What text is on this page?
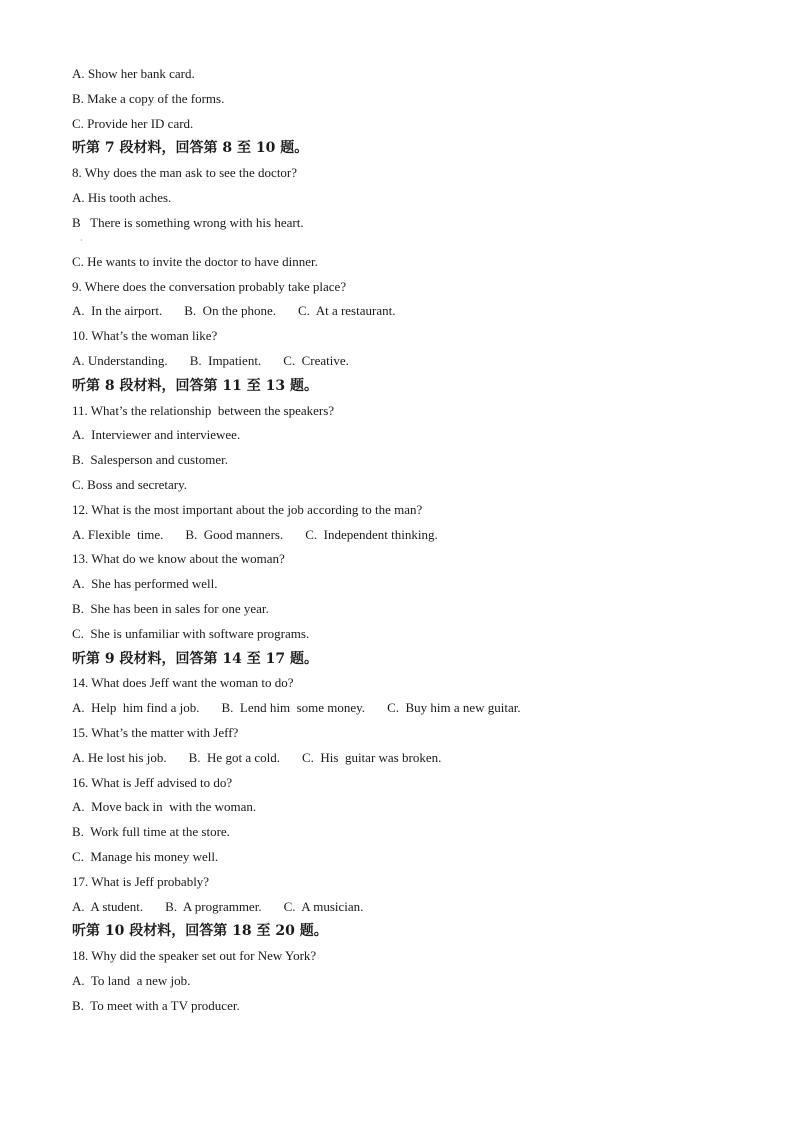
A. Show her bank card.
B. Make a copy of the forms.
C. Provide her ID card.
听第 7 段材料，回答第 8 至 10 题。
8. Why does the man ask to see the doctor?
A. His tooth aches.
B   There is something wrong with his heart.
C. He wants to invite the doctor to have dinner.
9. Where does the conversation probably take place?
A.  In the airport. B.  On the phone. C.  At a restaurant.
10. What’s the woman like?
A. Understanding. B.  Impatient. C.  Creative.
听第 8 段材料，回答第 11 至 13 题。
11. What’s the relationship  between the speakers?
A.  Interviewer and interviewee.
B.  Salesperson and customer.
C. Boss and secretary.
12. What is the most important about the job according to the man?
A. Flexible  time. B.  Good manners. C.  Independent thinking.
13. What do we know about the woman?
A.  She has performed well.
B.  She has been in sales for one year.
C.  She is unfamiliar with software programs.
听第 9 段材料，回答第 14 至 17 题。
14. What does Jeff want the woman to do?
A.  Help  him find a job. B.  Lend him  some money. C.  Buy him a new guitar.
15. What’s the matter with Jeff?
A. He lost his job. B.  He got a cold. C.  His  guitar was broken.
16. What is Jeff advised to do?
A.  Move back in  with the woman.
B.  Work full time at the store.
C.  Manage his money well.
17. What is Jeff probably?
A.  A student. B.  A programmer. C.  A musician.
听第 10 段材料，回答第 18 至 20 题。
18. Why did the speaker set out for New York?
A.  To land  a new job.
B.  To meet with a TV producer.
·
